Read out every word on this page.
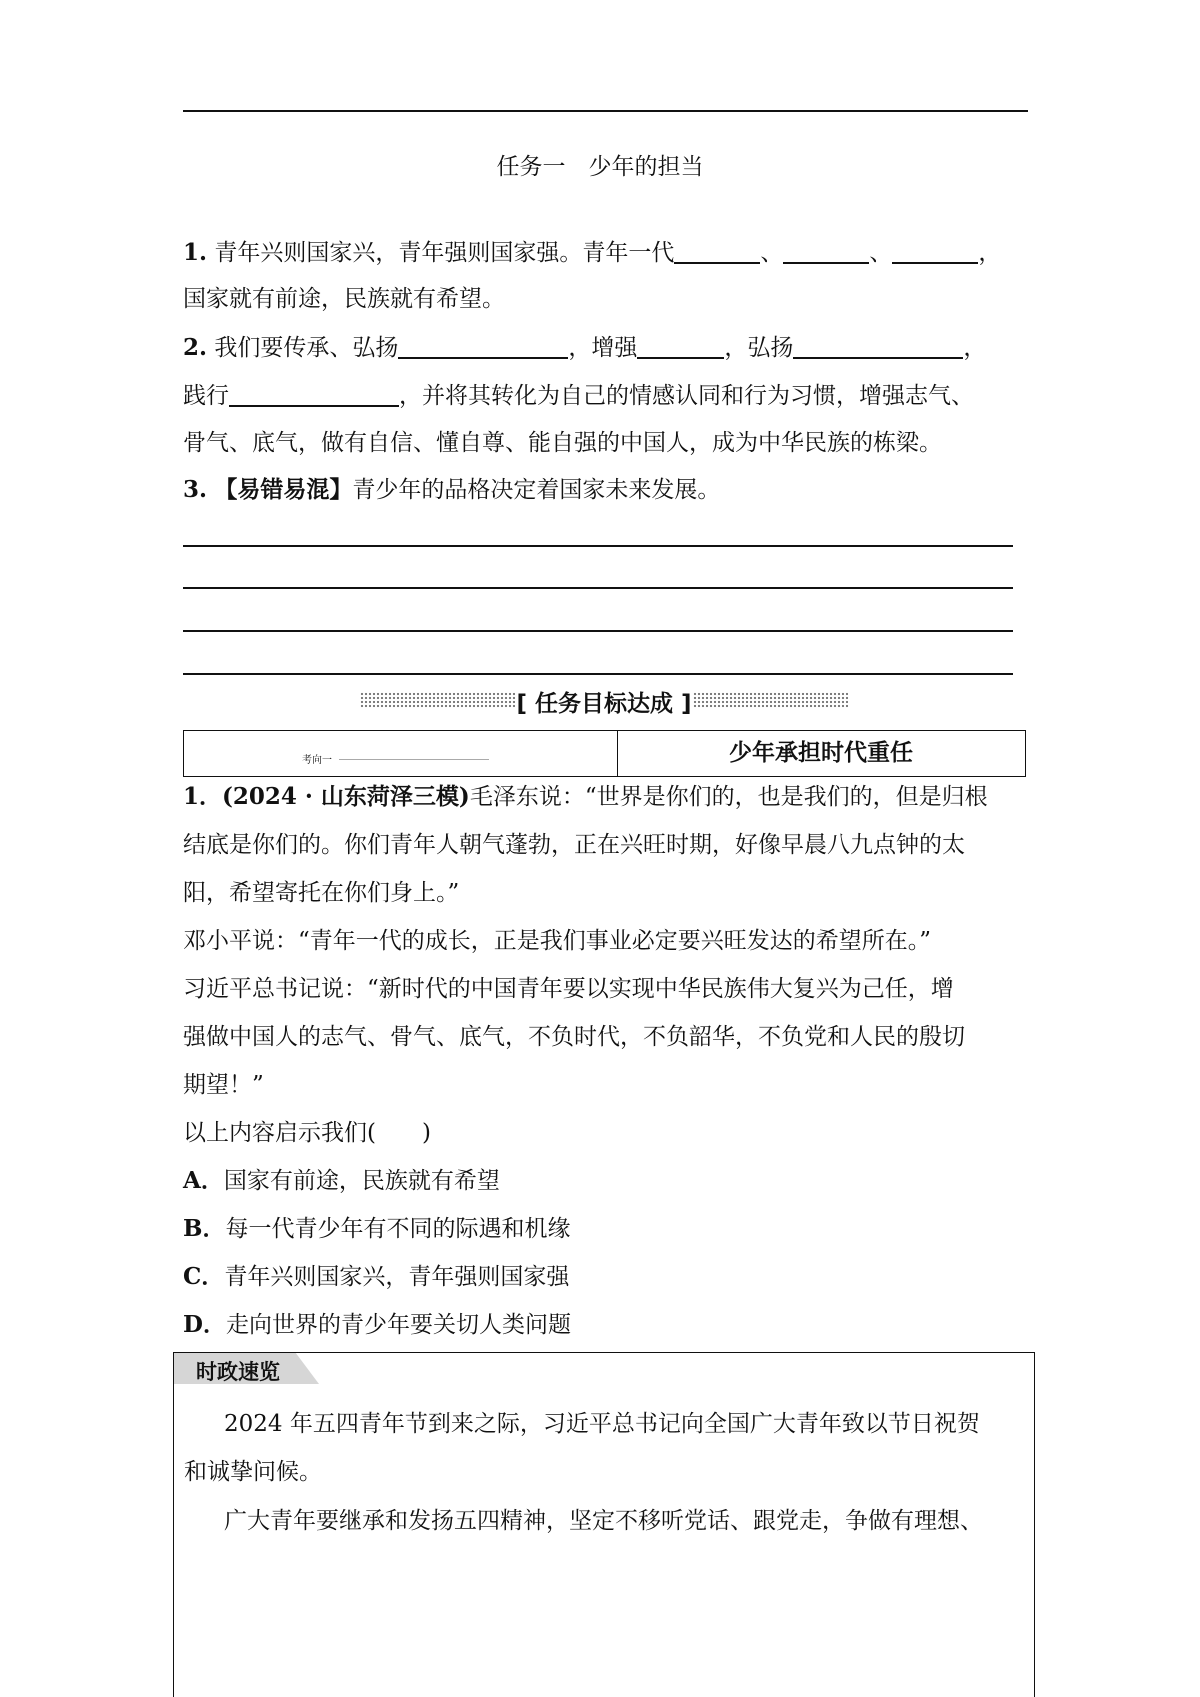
任务一　少年的担当
1. 青年兴则国家兴，青年强则国家强。青年一代	、	、	，
国家就有前途，民族就有希望。
2. 我们要传承、弘扬	，增强	，弘扬	，
践行	，并将其转化为自己的情感认同和行为习惯，增强志气、
骨气、底气，做有自信、懂自尊、能自强的中国人，成为中华民族的栋梁。
3. 【易错易混】青少年的品格决定着国家未来发展。
[ 任务目标达成 ]
考向一	少年承担时代重任
1．(2024 · 山东菏泽三模)毛泽东说：“世界是你们的，也是我们的，但是归根
结底是你们的。你们青年人朝气蓬勃，正在兴旺时期，好像早晨八九点钟的太
阳，希望寄托在你们身上。”
邓小平说：“青年一代的成长，正是我们事业必定要兴旺发达的希望所在。”
习近平总书记说：“新时代的中国青年要以实现中华民族伟大复兴为己任，增
强做中国人的志气、骨气、底气，不负时代，不负韶华，不负党和人民的殷切
期望！”
以上内容启示我们(　　)
A．国家有前途，民族就有希望
B．每一代青少年有不同的际遇和机缘
C．青年兴则国家兴，青年强则国家强
D．走向世界的青少年要关切人类问题
时政速览
2024 年五四青年节到来之际，习近平总书记向全国广大青年致以节日祝贺
和诚挚问候。
广大青年要继承和发扬五四精神，坚定不移听党话、跟党走，争做有理想、
